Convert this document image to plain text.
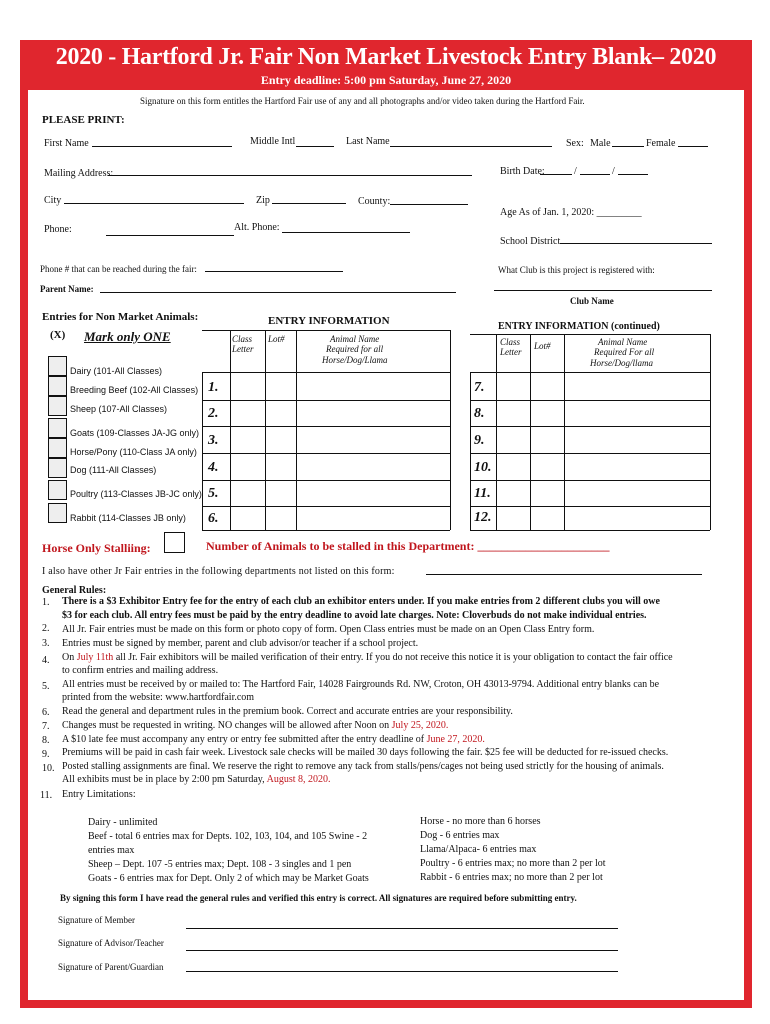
2020 - Hartford Jr. Fair Non Market Livestock Entry Blank– 2020
Entry deadline: 5:00 pm Saturday, June 27, 2020
Signature on this form entitles the Hartford Fair use of any and all photographs and/or video taken during the Hartford Fair.
PLEASE PRINT:
First Name	Middle Intl	Last Name	Sex: Male	Female
Mailing Address:	Birth Date:	/	/
City	Zip	County:
Age As of Jan. 1, 2020: _________
Phone:	Alt. Phone:
School District
Phone # that can be reached during the fair:	What Club is this project is registered with:
Club Name
Parent Name:
Entries for Non Market Animals:
(X) Mark only ONE
Dairy (101-All Classes)
Breeding Beef (102-All Classes)
Sheep (107-All Classes)
Goats (109-Classes JA-JG only)
Horse/Pony (110-Class JA only)
Dog (111-All Classes)
Poultry (113-Classes JB-JC only)
Rabbit (114-Classes JB only)
ENTRY INFORMATION
Class
Letter
Lot#	Animal Name
Required for all
Horse/Dog/Llama
1.
2.
3.
4.
5.
6.
ENTRY INFORMATION (continued)
Class
Letter
Lot#	Animal Name
Required For all
Horse/Dog/llama
7.
8.
9.
10.
11.
12.
Horse Only Stalliing:	Number of Animals to be stalled in this Department: ______________________
I also have other Jr Fair entries in the following departments not listed on this form:
General Rules:
1.
2.
3.
4.
5.
6.
7.
8.
9.
10.
11.
There is a $3 Exhibitor Entry fee for the entry of each club an exhibitor enters under. If you make entries from 2 different clubs you will owe
$3 for each club. All entry fees must be paid by the entry deadline to avoid late charges. Note: Cloverbuds do not make individual entries.
All Jr. Fair entries must be made on this form or photo copy of form. Open Class entries must be made on an Open Class Entry form.
Entries must be signed by member, parent and club advisor/or teacher if a school project.
On July 11th all Jr. Fair exhibitors will be mailed verification of their entry. If you do not receive this notice it is your obligation to contact the fair office
to confirm entries and mailing address.
All entries must be received by or mailed to: The Hartford Fair, 14028 Fairgrounds Rd. NW, Croton, OH 43013-9794. Additional entry blanks can be
printed from the website: www.hartfordfair.com
Read the general and department rules in the premium book. Correct and accurate entries are your responsibility.
Changes must be requested in writing. NO changes will be allowed after Noon on July 25, 2020.
A $10 late fee must accompany any entry or entry fee submitted after the entry deadline of June 27, 2020.
Premiums will be paid in cash fair week. Livestock sale checks will be mailed 30 days following the fair. $25 fee will be deducted for re-issued checks.
Posted stalling assignments are final. We reserve the right to remove any tack from stalls/pens/cages not being used strictly for the housing of animals.
All exhibits must be in place by 2:00 pm Saturday, August 8, 2020.
Entry Limitations:
Dairy - unlimited
Beef - total 6 entries max for Depts. 102, 103, 104, and 105 Swine - 2
entries max
Sheep – Dept. 107 -5 entries max; Dept. 108 - 3 singles and 1 pen
Goats - 6 entries max for Dept. Only 2 of which may be Market Goats
Horse - no more than 6 horses
Dog - 6 entries max
Llama/Alpaca- 6 entries max
Poultry - 6 entries max; no more than 2 per lot
Rabbit - 6 entries max; no more than 2 per lot
By signing this form I have read the general rules and verified this entry is correct. All signatures are required before submitting entry.
Signature of Member
Signature of Advisor/Teacher
Signature of Parent/Guardian
